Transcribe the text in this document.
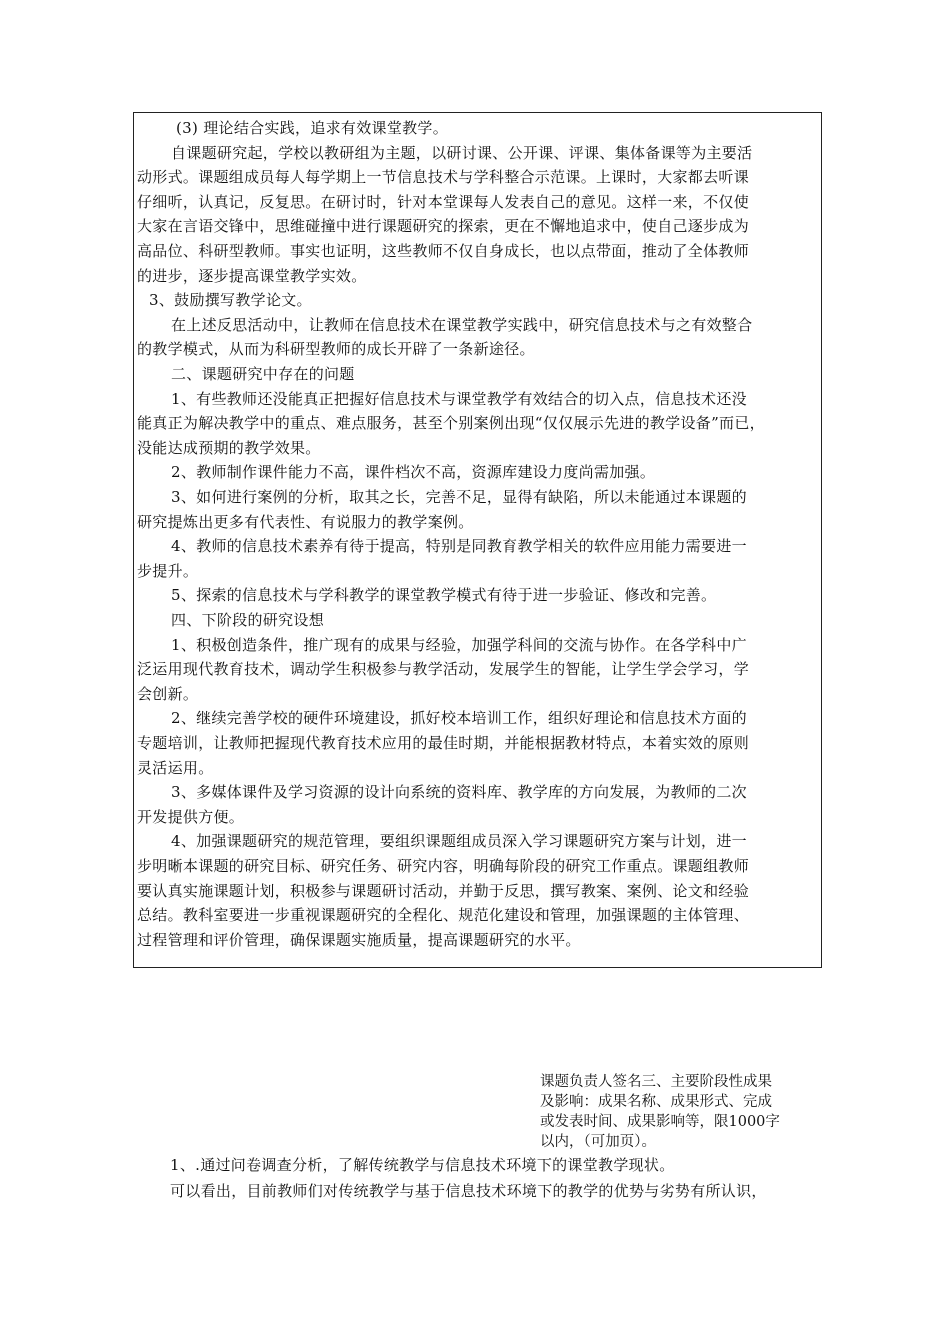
(3) 理论结合实践，追求有效课堂教学。
自课题研究起，学校以教研组为主题，以研讨课、公开课、评课、集体备课等为主要活
动形式。课题组成员每人每学期上一节信息技术与学科整合示范课。上课时，大家都去听课
仔细听，认真记，反复思。在研讨时，针对本堂课每人发表自己的意见。这样一来，不仅使
大家在言语交锋中，思维碰撞中进行课题研究的探索，更在不懈地追求中，使自己逐步成为
高品位、科研型教师。事实也证明，这些教师不仅自身成长，也以点带面，推动了全体教师
的进步，逐步提高课堂教学实效。
3、鼓励撰写教学论文。
在上述反思活动中，让教师在信息技术在课堂教学实践中，研究信息技术与之有效整合
的教学模式，从而为科研型教师的成长开辟了一条新途径。
二、课题研究中存在的问题
1、有些教师还没能真正把握好信息技术与课堂教学有效结合的切入点，信息技术还没
能真正为解决教学中的重点、难点服务，甚至个别案例出现“仅仅展示先进的教学设备”而已，
没能达成预期的教学效果。
2、教师制作课件能力不高，课件档次不高，资源库建设力度尚需加强。
3、如何进行案例的分析，取其之长，完善不足，显得有缺陷，所以未能通过本课题的
研究提炼出更多有代表性、有说服力的教学案例。
4、教师的信息技术素养有待于提高，特别是同教育教学相关的软件应用能力需要进一
步提升。
5、探索的信息技术与学科教学的课堂教学模式有待于进一步验证、修改和完善。
四、下阶段的研究设想
1、积极创造条件，推广现有的成果与经验，加强学科间的交流与协作。在各学科中广
泛运用现代教育技术，调动学生积极参与教学活动，发展学生的智能，让学生学会学习，学
会创新。
2、继续完善学校的硬件环境建设，抓好校本培训工作，组织好理论和信息技术方面的
专题培训，让教师把握现代教育技术应用的最佳时期，并能根据教材特点，本着实效的原则
灵活运用。
3、多媒体课件及学习资源的设计向系统的资料库、教学库的方向发展，为教师的二次
开发提供方便。
4、加强课题研究的规范管理，要组织课题组成员深入学习课题研究方案与计划，进一
步明晰本课题的研究目标、研究任务、研究内容，明确每阶段的研究工作重点。课题组教师
要认真实施课题计划，积极参与课题研讨活动，并勤于反思，撰写教案、案例、论文和经验
总结。教科室要进一步重视课题研究的全程化、规范化建设和管理，加强课题的主体管理、
过程管理和评价管理，确保课题实施质量，提高课题研究的水平。
课题负责人签名三、主要阶段性成果
及影响：成果名称、成果形式、完成
或发表时间、成果影响等，限1000字
以内，（可加页）。
1、.通过问卷调查分析，了解传统教学与信息技术环境下的课堂教学现状。
可以看出，目前教师们对传统教学与基于信息技术环境下的教学的优势与劣势有所认识，
